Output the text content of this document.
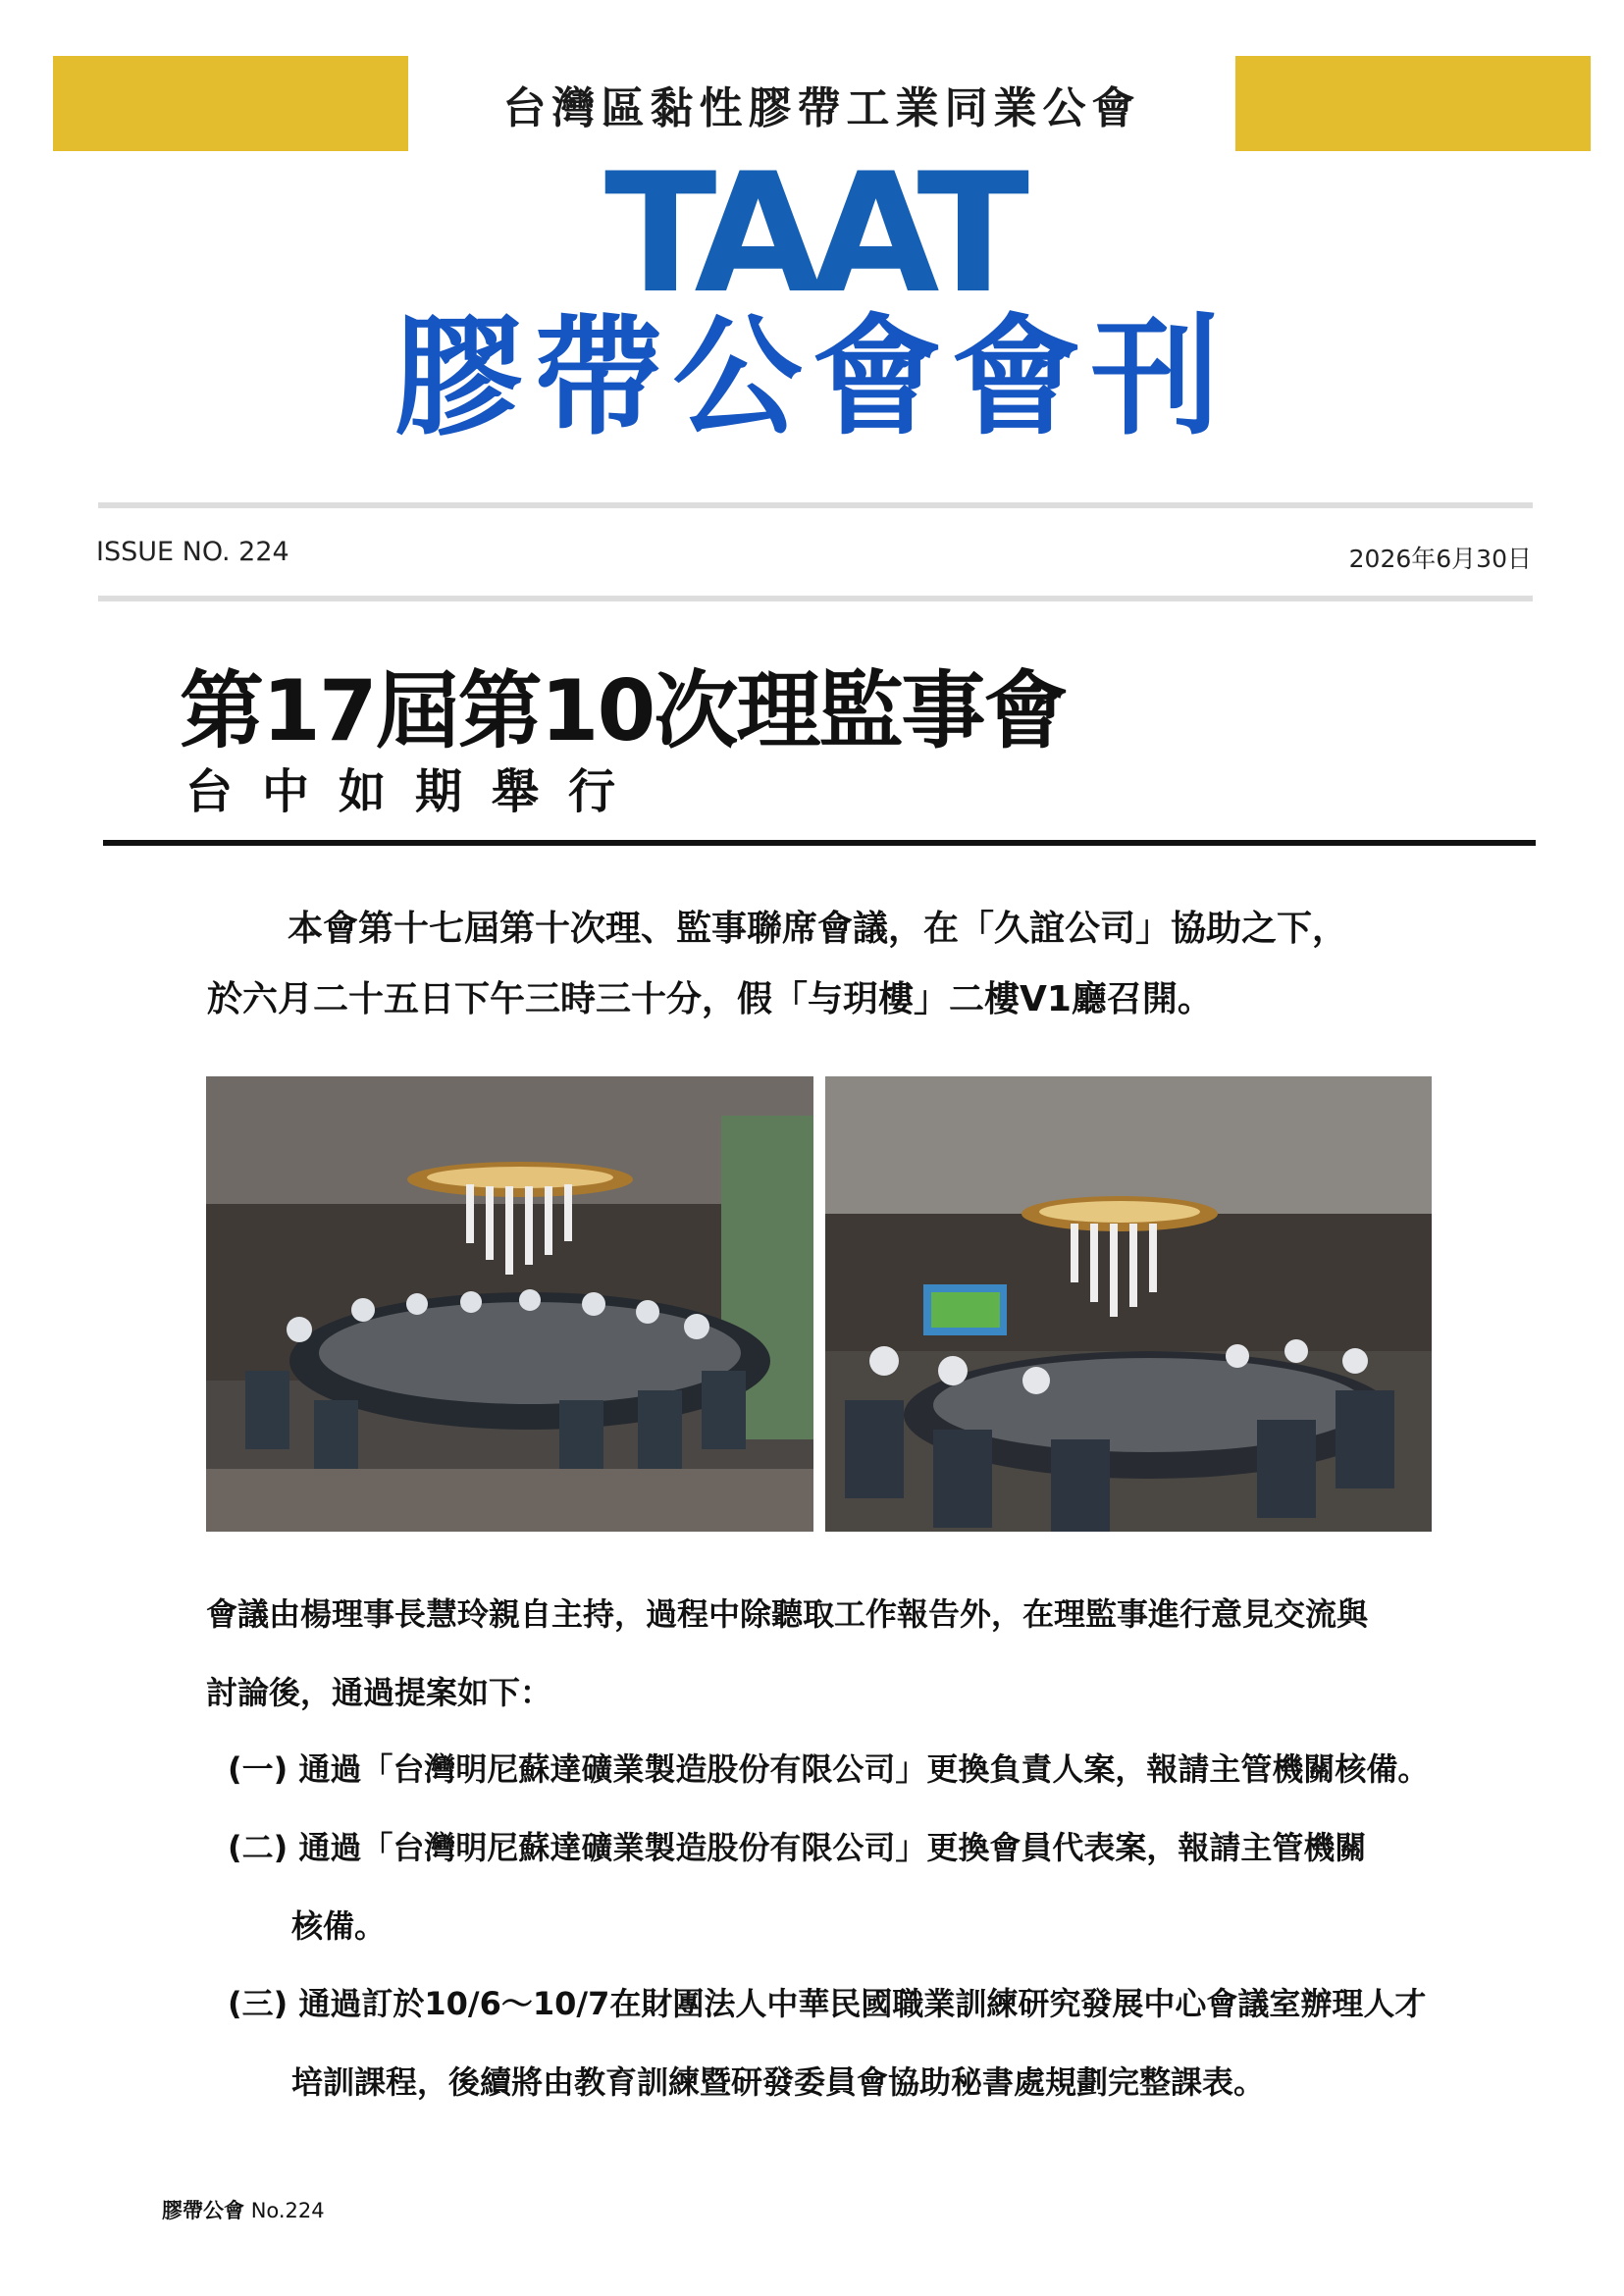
台灣區黏性膠帶工業同業公會
TAAT
膠帶公會會刊
ISSUE NO. 224	2026年6月30日
第17屆第10次理監事會
台中如期舉行
本會第十七屆第十次理、監事聯席會議，在「久誼公司」協助之下，
於六月二十五日下午三時三十分，假「与玥樓」二樓V1廳召開。
會議由楊理事長慧玲親自主持，過程中除聽取工作報告外，在理監事進行意見交流與
討論後，通過提案如下：
(一) 通過「台灣明尼蘇達礦業製造股份有限公司」更換負責人案，報請主管機關核備。
(二) 通過「台灣明尼蘇達礦業製造股份有限公司」更換會員代表案，報請主管機關
核備。
(三) 通過訂於10/6～10/7在財團法人中華民國職業訓練研究發展中心會議室辦理人才
培訓課程，後續將由教育訓練暨研發委員會協助秘書處規劃完整課表。
膠帶公會 No.224
